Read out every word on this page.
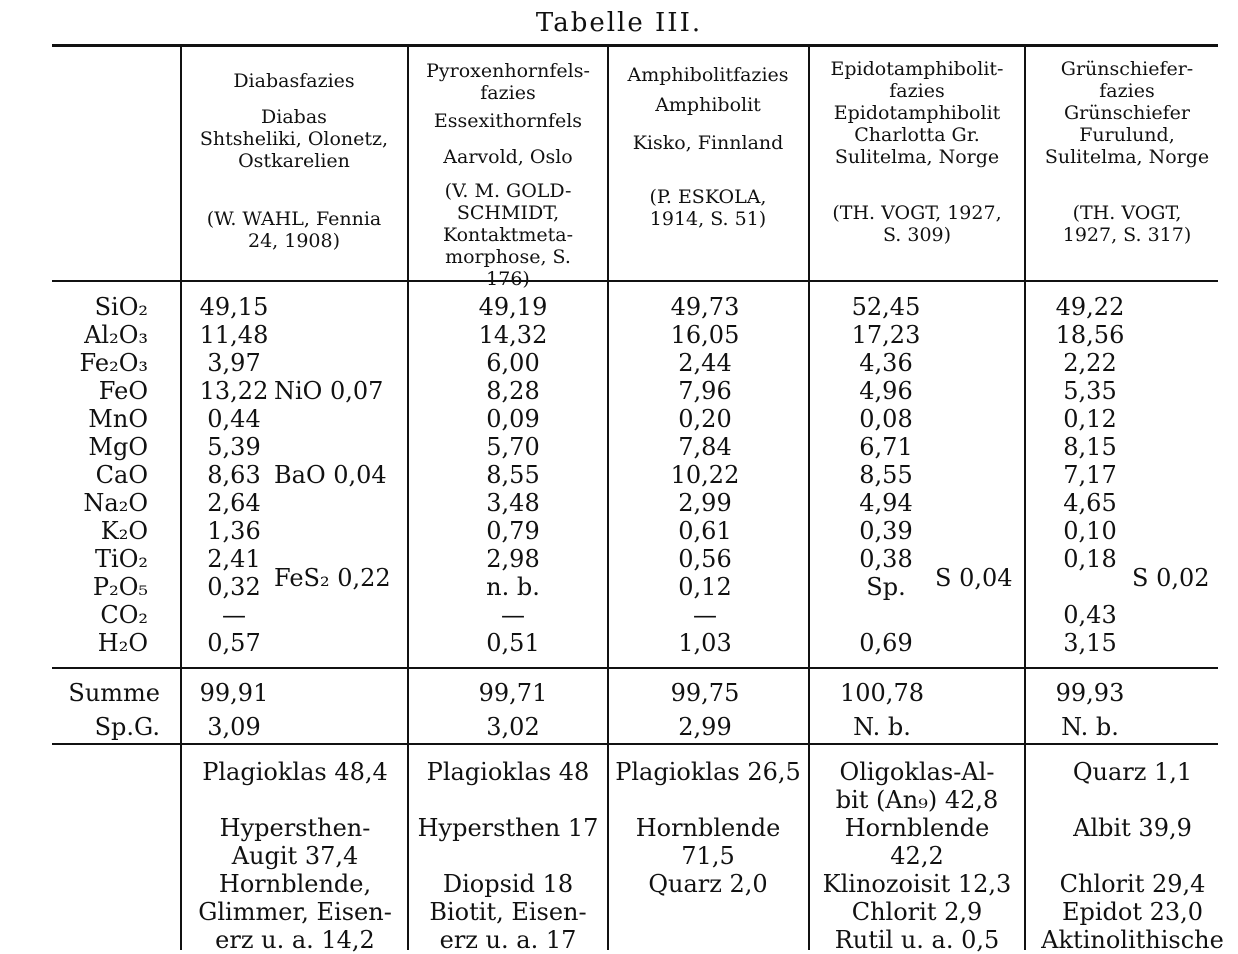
Tabelle III.
Diabasfazies
Diabas
Shtsheliki, Olonetz, Ostkarelien
(W. WAHL, Fennia 24, 1908)
Pyroxenhornfels-fazies
Essexithornfels
Aarvold, Oslo
(V. M. GOLD-SCHMIDT, Kontaktmeta-morphose, S. 176)
Amphibolitfazies
Amphibolit
Kisko, Finnland
(P. ESKOLA, 1914, S. 51)
Epidotamphibolit-fazies
Epidotamphibolit
Charlotta Gr. Sulitelma, Norge
(TH. VOGT, 1927, S. 309)
Grünschiefer-fazies
Grünschiefer
Furulund, Sulitelma, Norge
(TH. VOGT, 1927, S. 317)
SiO₂
Al₂O₃
Fe₂O₃
FeO
MnO
MgO
CaO
Na₂O
K₂O
TiO₂
P₂O₅
CO₂
H₂O
49,15
11,48
3,97
13,22
0,44
5,39
8,63
2,64
1,36
2,41
0,32
—
0,57
49,19
14,32
6,00
8,28
0,09
5,70
8,55
3,48
0,79
2,98
n. b.
—
0,51
49,73
16,05
2,44
7,96
0,20
7,84
10,22
2,99
0,61
0,56
0,12
—
1,03
52,45
17,23
4,36
4,96
0,08
6,71
8,55
4,94
0,39
0,38
Sp.
0,69
49,22
18,56
2,22
5,35
0,12
8,15
7,17
4,65
0,10
0,18
0,43
3,15
NiO 0,07
BaO 0,04
FeS₂ 0,22	S 0,04	S 0,02
Summe
Sp.G.
99,91
3,09
99,71
3,02
99,75
2,99
100,78
N. b.
99,93
N. b.
Plagioklas 48,4
Hypersthen-
Augit 37,4
Hornblende,
Glimmer, Eisen-
erz u. a. 14,2
Plagioklas 48
Hypersthen 17
Diopsid 18
Biotit, Eisen-
erz u. a. 17
Plagioklas 26,5
Hornblende
71,5
Quarz 2,0
Oligoklas-Al-
bit (An₉) 42,8
Hornblende
42,2
Klinozoisit 12,3
Chlorit 2,9
Rutil u. a. 0,5
Quarz 1,1
Albit 39,9
Chlorit 29,4
Epidot 23,0
Aktinolithische
